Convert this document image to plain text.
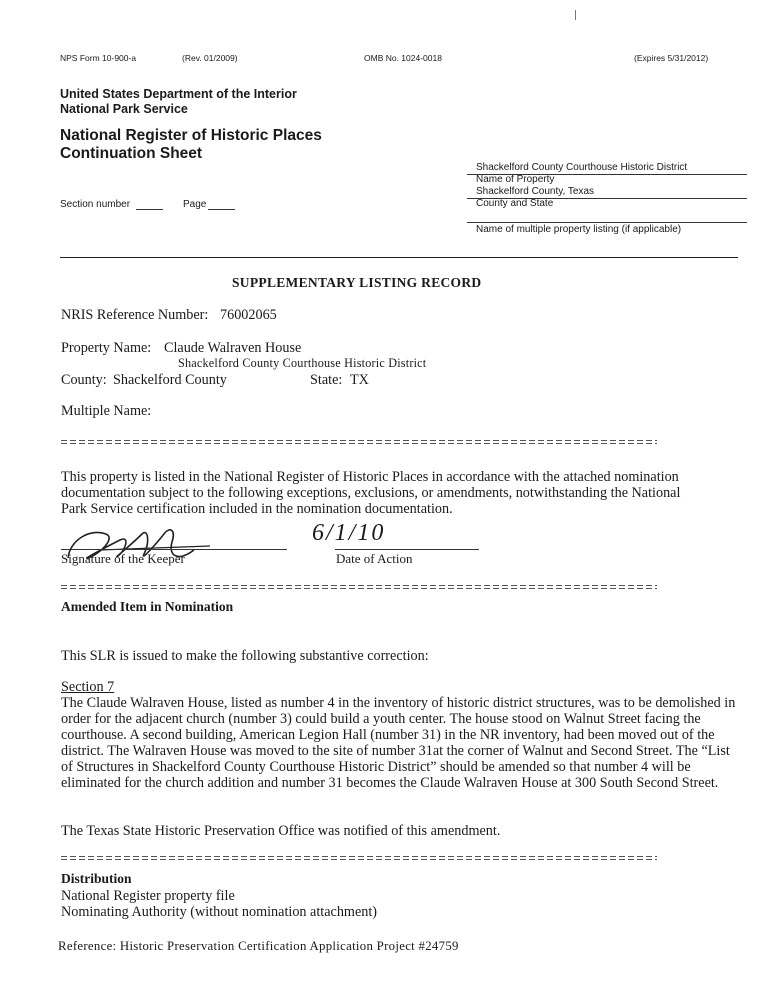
NPS Form 10-900-a	(Rev. 01/2009)	OMB No. 1024-0018	(Expires 5/31/2012)
United States Department of the Interior
National Park Service
National Register of Historic Places
Continuation Sheet
Shackelford County Courthouse Historic District
Name of Property
Shackelford County, Texas
County and State
Name of multiple property listing (if applicable)
Section number	Page
SUPPLEMENTARY LISTING RECORD
NRIS Reference Number: 76002065
Property Name: Claude Walraven House
Shackelford County Courthouse Historic District
County: Shackelford County	State: TX
Multiple Name:
This property is listed in the National Register of Historic Places in accordance with the attached nomination
documentation subject to the following exceptions, exclusions, or amendments, notwithstanding the National
Park Service certification included in the nomination documentation.
Signature of the Keeper
6/1/10
Date of Action
Amended Item in Nomination
This SLR is issued to make the following substantive correction:
Section 7
The Claude Walraven House, listed as number 4 in the inventory of historic district structures, was to be demolished in
order for the adjacent church (number 3) could build a youth center. The house stood on Walnut Street facing the
courthouse. A second building, American Legion Hall (number 31) in the NR inventory, had been moved out of the
district. The Walraven House was moved to the site of number 31at the corner of Walnut and Second Street. The “List
of Structures in Shackelford County Courthouse Historic District” should be amended so that number 4 will be
eliminated for the church addition and number 31 becomes the Claude Walraven House at 300 South Second Street.
The Texas State Historic Preservation Office was notified of this amendment.
Distribution
National Register property file
Nominating Authority (without nomination attachment)
Reference: Historic Preservation Certification Application Project #24759
